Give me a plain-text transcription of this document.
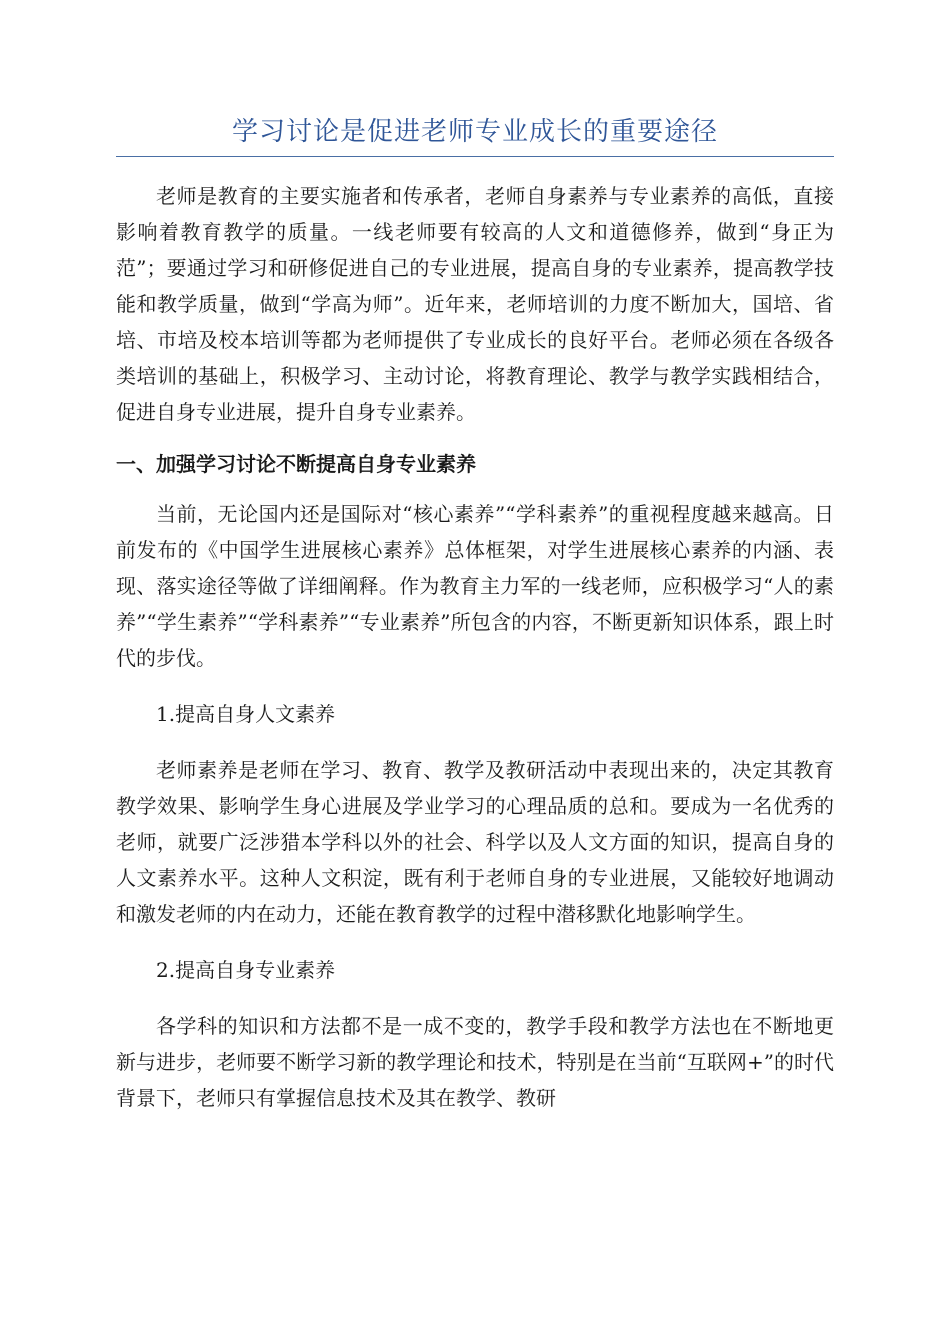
学习讨论是促进老师专业成长的重要途径

老师是教育的主要实施者和传承者，老师自身素养与专业素养的高低，直接影响着教育教学的质量。一线老师要有较高的人文和道德修养，做到“身正为范”；要通过学习和研修促进自己的专业进展，提高自身的专业素养，提高教学技能和教学质量，做到“学高为师”。近年来，老师培训的力度不断加大，国培、省培、市培及校本培训等都为老师提供了专业成长的良好平台。老师必须在各级各类培训的基础上，积极学习、主动讨论，将教育理论、教学与教学实践相结合，促进自身专业进展，提升自身专业素养。

一、加强学习讨论不断提高自身专业素养

当前，无论国内还是国际对“核心素养”“学科素养”的重视程度越来越高。日前发布的《中国学生进展核心素养》总体框架，对学生进展核心素养的内涵、表现、落实途径等做了详细阐释。作为教育主力军的一线老师，应积极学习“人的素养”“学生素养”“学科素养”“专业素养”所包含的内容，不断更新知识体系，跟上时代的步伐。

1.提高自身人文素养

老师素养是老师在学习、教育、教学及教研活动中表现出来的，决定其教育教学效果、影响学生身心进展及学业学习的心理品质的总和。要成为一名优秀的老师，就要广泛涉猎本学科以外的社会、科学以及人文方面的知识，提高自身的人文素养水平。这种人文积淀，既有利于老师自身的专业进展，又能较好地调动和激发老师的内在动力，还能在教育教学的过程中潜移默化地影响学生。

2.提高自身专业素养

各学科的知识和方法都不是一成不变的，教学手段和教学方法也在不断地更新与进步，老师要不断学习新的教学理论和技术，特别是在当前“互联网+”的时代背景下，老师只有掌握信息技术及其在教学、教研
